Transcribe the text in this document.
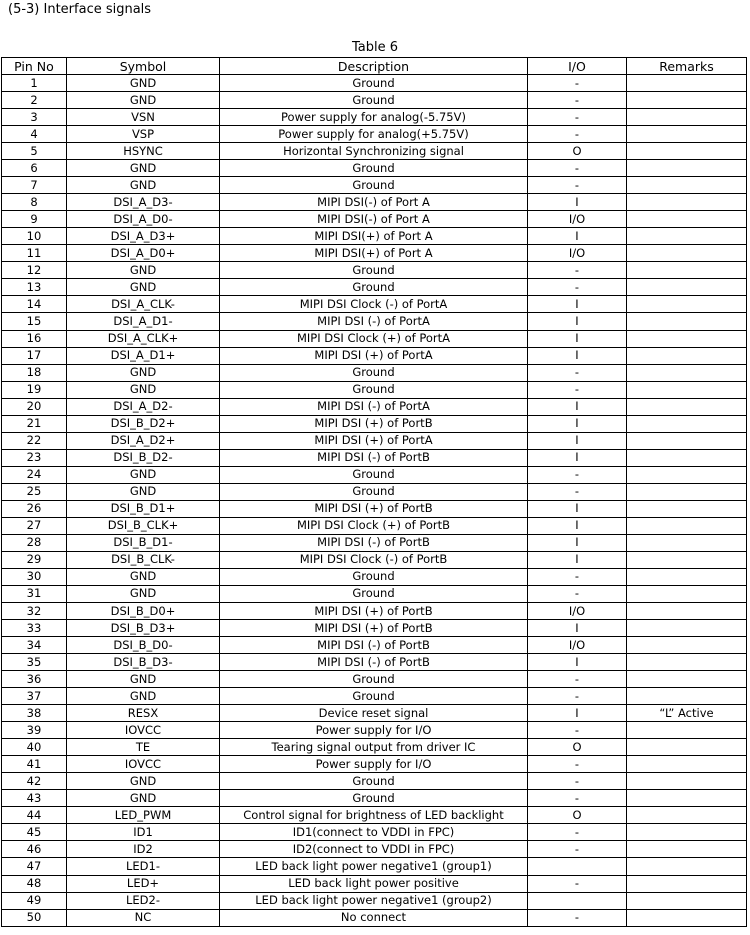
(5-3) Interface signals
Table 6
Pin No	Symbol	Description	I/O	Remarks
1	GND	Ground	-	
2	GND	Ground	-	
3	VSN	Power supply for analog(-5.75V)	-	
4	VSP	Power supply for analog(+5.75V)	-	
5	HSYNC	Horizontal Synchronizing signal	O	
6	GND	Ground	-	
7	GND	Ground	-	
8	DSI_A_D3-	MIPI DSI(-) of Port A	I	
9	DSI_A_D0-	MIPI DSI(-) of Port A	I/O	
10	DSI_A_D3+	MIPI DSI(+) of Port A	I	
11	DSI_A_D0+	MIPI DSI(+) of Port A	I/O	
12	GND	Ground	-	
13	GND	Ground	-	
14	DSI_A_CLK-	MIPI DSI Clock (-) of PortA	I	
15	DSI_A_D1-	MIPI DSI (-) of PortA	I	
16	DSI_A_CLK+	MIPI DSI Clock (+) of PortA	I	
17	DSI_A_D1+	MIPI DSI (+) of PortA	I	
18	GND	Ground	-	
19	GND	Ground	-	
20	DSI_A_D2-	MIPI DSI (-) of PortA	I	
21	DSI_B_D2+	MIPI DSI (+) of PortB	I	
22	DSI_A_D2+	MIPI DSI (+) of PortA	I	
23	DSI_B_D2-	MIPI DSI (-) of PortB	I	
24	GND	Ground	-	
25	GND	Ground	-	
26	DSI_B_D1+	MIPI DSI (+) of PortB	I	
27	DSI_B_CLK+	MIPI DSI Clock (+) of PortB	I	
28	DSI_B_D1-	MIPI DSI (-) of PortB	I	
29	DSI_B_CLK-	MIPI DSI Clock (-) of PortB	I	
30	GND	Ground	-	
31	GND	Ground	-	
32	DSI_B_D0+	MIPI DSI (+) of PortB	I/O	
33	DSI_B_D3+	MIPI DSI (+) of PortB	I	
34	DSI_B_D0-	MIPI DSI (-) of PortB	I/O	
35	DSI_B_D3-	MIPI DSI (-) of PortB	I	
36	GND	Ground	-	
37	GND	Ground	-	
38	RESX	Device reset signal	I	“L” Active
39	IOVCC	Power supply for I/O	-	
40	TE	Tearing signal output from driver IC	O	
41	IOVCC	Power supply for I/O	-	
42	GND	Ground	-	
43	GND	Ground	-	
44	LED_PWM	Control signal for brightness of LED backlight	O	
45	ID1	ID1(connect to VDDI in FPC)	-	
46	ID2	ID2(connect to VDDI in FPC)	-	
47	LED1-	LED back light power negative1 (group1)		
48	LED+	LED back light power positive	-	
49	LED2-	LED back light power negative1 (group2)		
50	NC	No connect	-	
